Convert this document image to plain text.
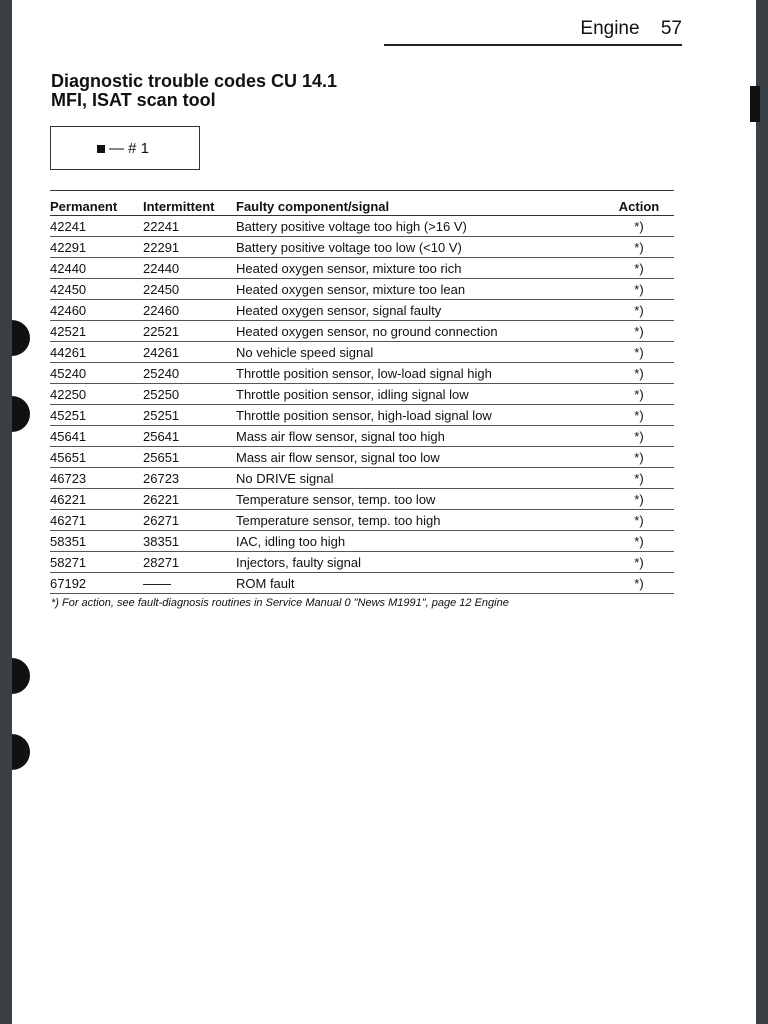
Engine 57
Diagnostic trouble codes CU 14.1
MFI, ISAT scan tool
— # 1
Permanent	Intermittent	Faulty component/signal	Action
42241	22241	Battery positive voltage too high (>16 V)	*)
42291	22291	Battery positive voltage too low (<10 V)	*)
42440	22440	Heated oxygen sensor, mixture too rich	*)
42450	22450	Heated oxygen sensor, mixture too lean	*)
42460	22460	Heated oxygen sensor, signal faulty	*)
42521	22521	Heated oxygen sensor, no ground connection	*)
44261	24261	No vehicle speed signal	*)
45240	25240	Throttle position sensor, low-load signal high	*)
42250	25250	Throttle position sensor, idling signal low	*)
45251	25251	Throttle position sensor, high-load signal low	*)
45641	25641	Mass air flow sensor, signal too high	*)
45651	25651	Mass air flow sensor, signal too low	*)
46723	26723	No DRIVE signal	*)
46221	26221	Temperature sensor, temp. too low	*)
46271	26271	Temperature sensor, temp. too high	*)
58351	38351	IAC, idling too high	*)
58271	28271	Injectors, faulty signal	*)
67192		ROM fault	*)
*) For action, see fault-diagnosis routines in Service Manual 0 "News M1991", page 12 Engine
